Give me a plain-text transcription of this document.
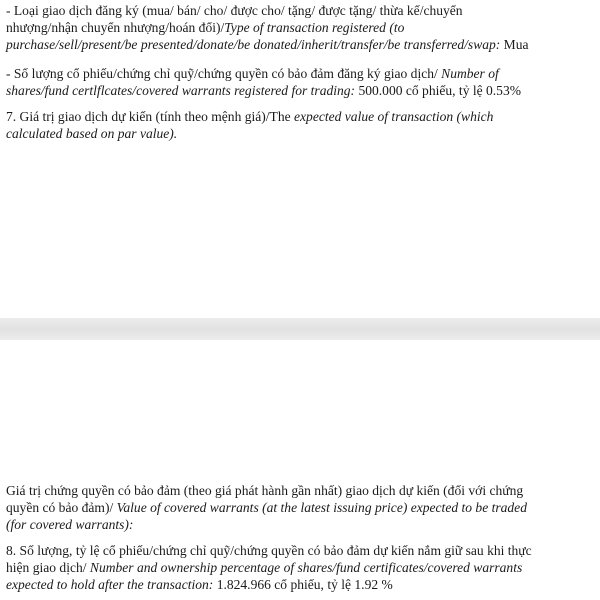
- Loại giao dịch đăng ký (mua/ bán/ cho/ được cho/ tặng/ được tặng/ thừa kế/chuyển
nhượng/nhận chuyển nhượng/hoán đổi)/Type of transaction registered (to
purchase/sell/present/be presented/donate/be donated/inherit/transfer/be transferred/swap: Mua

- Số lượng cổ phiếu/chứng chỉ quỹ/chứng quyền có bảo đảm đăng ký giao dịch/ Number of
shares/fund certlflcates/covered warrants registered for trading: 500.000 cổ phiếu, tỷ lệ 0.53%

7. Giá trị giao dịch dự kiến (tính theo mệnh giá)/The expected value of transaction (which
calculated based on par value).

Giá trị chứng quyền có bảo đảm (theo giá phát hành gần nhất) giao dịch dự kiến (đối với chứng
quyền có bảo đảm)/ Value of covered warrants (at the latest issuing price) expected to be traded
(for covered warrants):

8. Số lượng, tỷ lệ cổ phiếu/chứng chỉ quỹ/chứng quyền có bảo đảm dự kiến nắm giữ sau khi thực
hiện giao dịch/ Number and ownership percentage of shares/fund certificates/covered warrants
expected to hold after the transaction: 1.824.966 cổ phiếu, tỷ lệ 1.92 %
